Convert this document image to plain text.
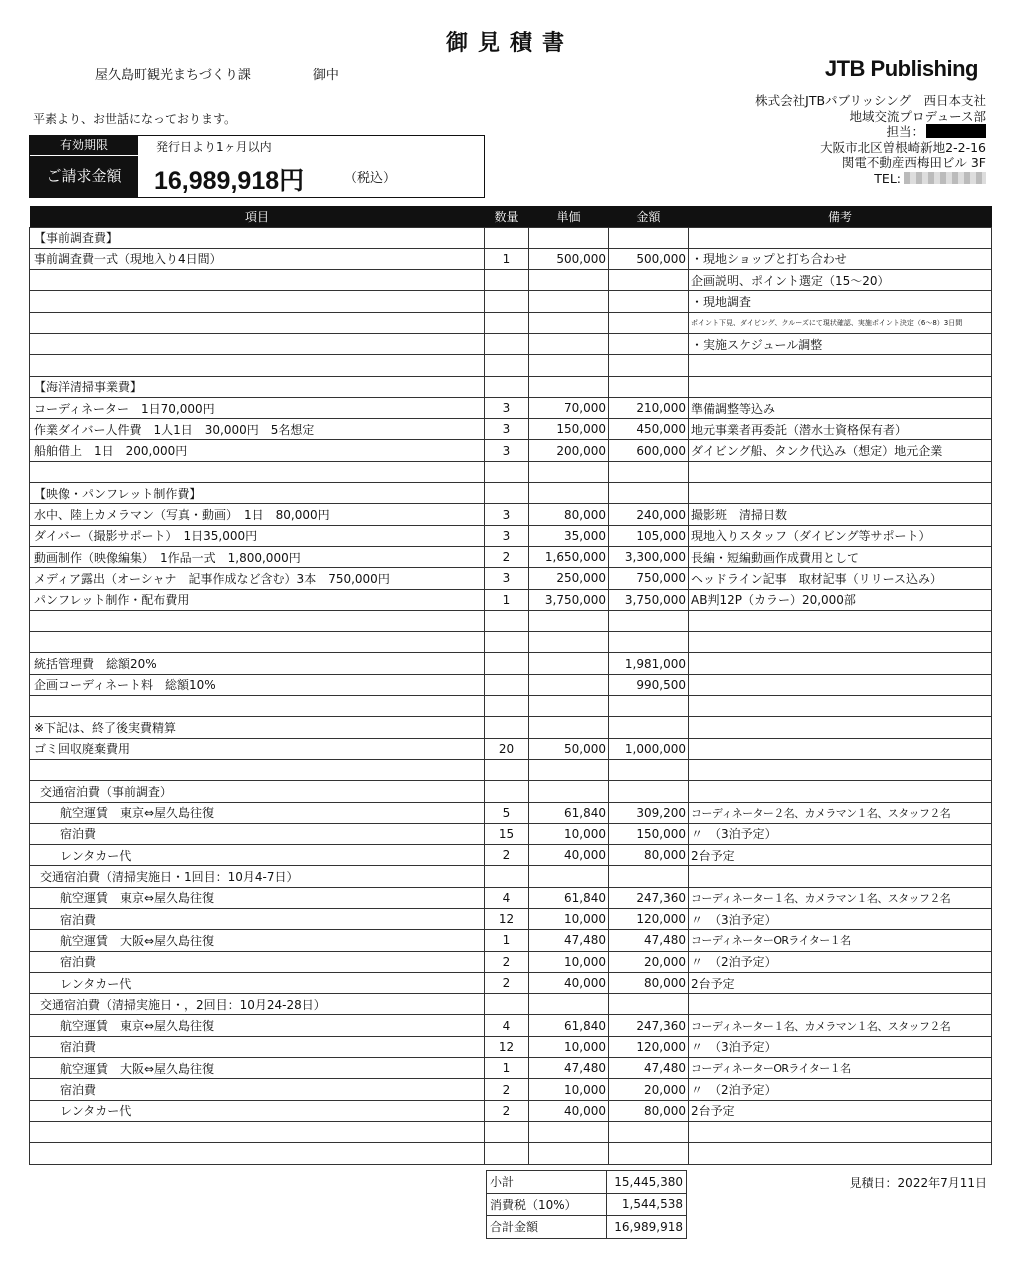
御見積書
屋久島町観光まちづくり課	御中	JTB Publishing
平素より、お世話になっております。
株式会社JTBパブリッシング　西日本支社
地域交流プロデュース部
担当：
大阪市北区曽根崎新地2-2-16
関電不動産西梅田ビル 3F
TEL:
有効期限	発行日より1ヶ月以内
ご請求金額	16,989,918円	（税込）
項目	数量	単価	金額	備考
【事前調査費】				
事前調査費一式（現地入り4日間）	1	500,000	500,000	・現地ショップと打ち合わせ
				企画説明、ポイント選定（15～20）
				・現地調査
				ポイント下見、ダイビング、クルーズにて現状確認、実施ポイント決定（6～8）3日間
				・実施スケジュール調整

【海洋清掃事業費】				
コーディネーター　1日70,000円	3	70,000	210,000	準備調整等込み
作業ダイバー人件費　1人1日　30,000円　5名想定	3	150,000	450,000	地元事業者再委託（潜水士資格保有者）
船舶借上　1日　200,000円	3	200,000	600,000	ダイビング船、タンク代込み（想定）地元企業

【映像・パンフレット制作費】				
水中、陸上カメラマン（写真・動画）　1日　80,000円	3	80,000	240,000	撮影班　清掃日数
ダイバー（撮影サポート）　1日35,000円	3	35,000	105,000	現地入りスタッフ（ダイビング等サポート）
動画制作（映像編集）　1作品一式　1,800,000円	2	1,650,000	3,300,000	長編・短編動画作成費用として
メディア露出（オーシャナ　記事作成など含む）3本　750,000円	3	250,000	750,000	ヘッドライン記事　取材記事（リリース込み）
パンフレット制作・配布費用	1	3,750,000	3,750,000	AB判12P（カラー）20,000部

統括管理費　総額20%			1,981,000	
企画コーディネート料　総額10%			990,500	

※下記は、終了後実費精算				
ゴミ回収廃棄費用	20	50,000	1,000,000	

交通宿泊費（事前調査）				
航空運賃　東京⇔屋久島往復	5	61,840	309,200	コーディネーター２名、カメラマン１名、スタッフ２名
宿泊費	15	10,000	150,000	〃　（3泊予定）
レンタカー代	2	40,000	80,000	2台予定
交通宿泊費（清掃実施日・1回目：10月4-7日）				
航空運賃　東京⇔屋久島往復	4	61,840	247,360	コーディネーター１名、カメラマン１名、スタッフ２名
宿泊費	12	10,000	120,000	〃　（3泊予定）
航空運賃　大阪⇔屋久島往復	1	47,480	47,480	コーディネーターORライター１名
宿泊費	2	10,000	20,000	〃　（2泊予定）
レンタカー代	2	40,000	80,000	2台予定
交通宿泊費（清掃実施日・，2回目：10月24-28日）				
航空運賃　東京⇔屋久島往復	4	61,840	247,360	コーディネーター１名、カメラマン１名、スタッフ２名
宿泊費	12	10,000	120,000	〃　（3泊予定）
航空運賃　大阪⇔屋久島往復	1	47,480	47,480	コーディネーターORライター１名
宿泊費	2	10,000	20,000	〃　（2泊予定）
レンタカー代	2	40,000	80,000	2台予定

小計	15,445,380
消費税（10%）	1,544,538
合計金額	16,989,918
見積日：2022年7月11日
